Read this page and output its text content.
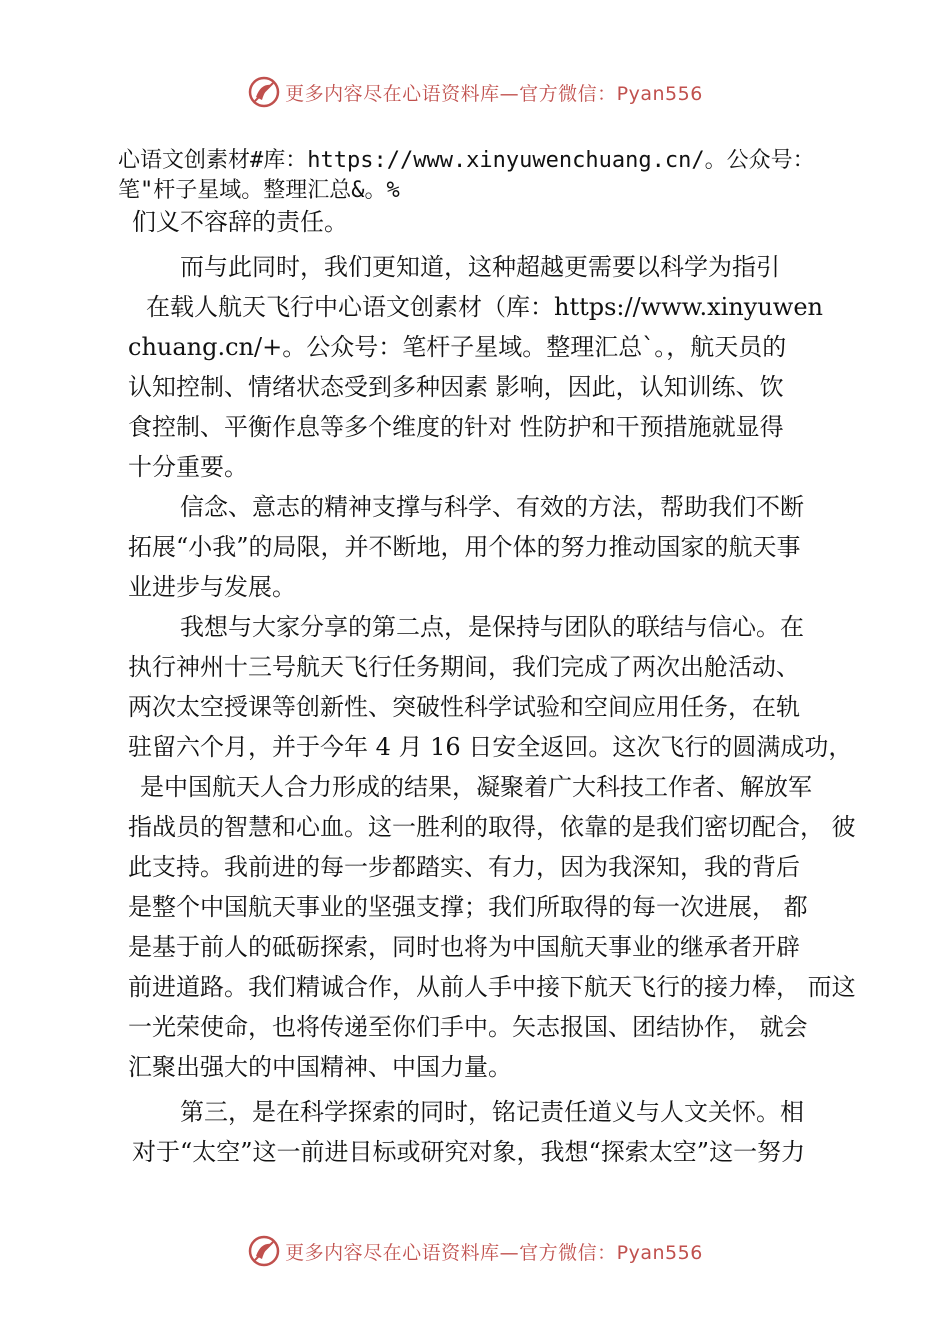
更多内容尽在心语资料库—官方微信：Pyan556
心语文创素材#库：https://www.xinyuwenchuang.cn/。公众号：
笔"杆子星域。整理汇总&。%
们义不容辞的责任。
而与此同时，我们更知道，这种超越更需要以科学为指引
在载人航天飞行中心语文创素材（库：https://www.xinyuwen
chuang.cn/+。公众号：笔杆子星域。整理汇总`。，航天员的
认知控制、情绪状态受到多种因素 影响，因此，认知训练、饮
食控制、平衡作息等多个维度的针对 性防护和干预措施就显得
十分重要。
信念、意志的精神支撑与科学、有效的方法，帮助我们不断
拓展“小我”的局限，并不断地，用个体的努力推动国家的航天事
业进步与发展。
我想与大家分享的第二点，是保持与团队的联结与信心。在
执行神州十三号航天飞行任务期间，我们完成了两次出舱活动、
两次太空授课等创新性、突破性科学试验和空间应用任务，在轨
驻留六个月，并于今年 4 月 16 日安全返回。这次飞行的圆满成功，
是中国航天人合力形成的结果，凝聚着广大科技工作者、解放军
指战员的智慧和心血。这一胜利的取得，依靠的是我们密切配合， 彼
此支持。我前进的每一步都踏实、有力，因为我深知，我的背后
是整个中国航天事业的坚强支撑；我们所取得的每一次进展， 都
是基于前人的砥砺探索，同时也将为中国航天事业的继承者开辟
前进道路。我们精诚合作，从前人手中接下航天飞行的接力棒， 而这
一光荣使命，也将传递至你们手中。矢志报国、团结协作， 就会
汇聚出强大的中国精神、中国力量。
第三，是在科学探索的同时，铭记责任道义与人文关怀。相
对于“太空”这一前进目标或研究对象，我想“探索太空”这一努力
更多内容尽在心语资料库—官方微信：Pyan556
